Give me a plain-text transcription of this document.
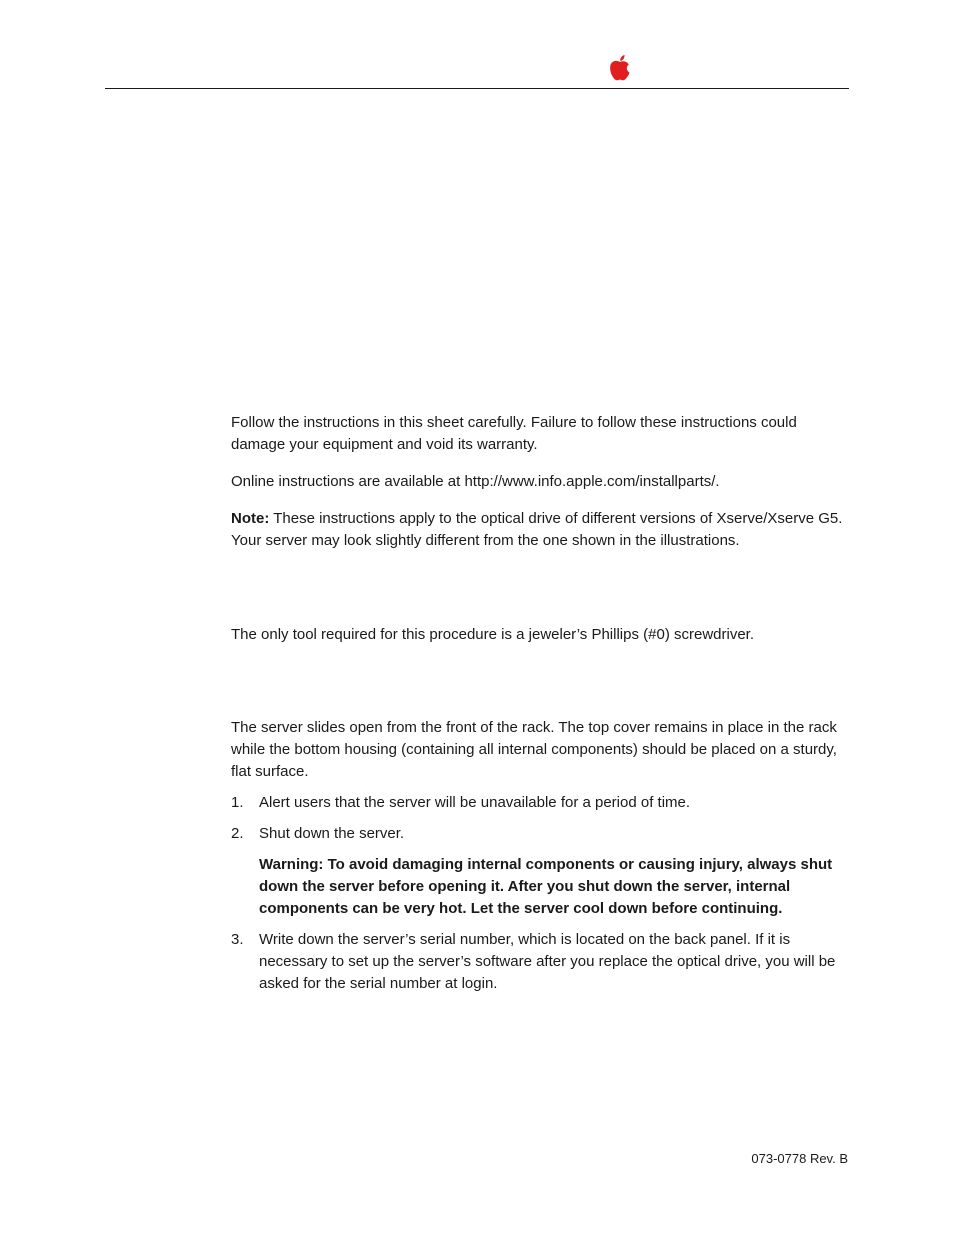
Follow the instructions in this sheet carefully. Failure to follow these instructions could damage your equipment and void its warranty.

Online instructions are available at http://www.info.apple.com/installparts/.

Note: These instructions apply to the optical drive of different versions of Xserve/Xserve G5. Your server may look slightly different from the one shown in the illustrations.

The only tool required for this procedure is a jeweler’s Phillips (#0) screwdriver.

The server slides open from the front of the rack. The top cover remains in place in the rack while the bottom housing (containing all internal components) should be placed on a sturdy, flat surface.

1. Alert users that the server will be unavailable for a period of time.
2. Shut down the server.
Warning: To avoid damaging internal components or causing injury, always shut down the server before opening it. After you shut down the server, internal components can be very hot. Let the server cool down before continuing.
3. Write down the server’s serial number, which is located on the back panel. If it is necessary to set up the server’s software after you replace the optical drive, you will be asked for the serial number at login.
073-0778 Rev. B
